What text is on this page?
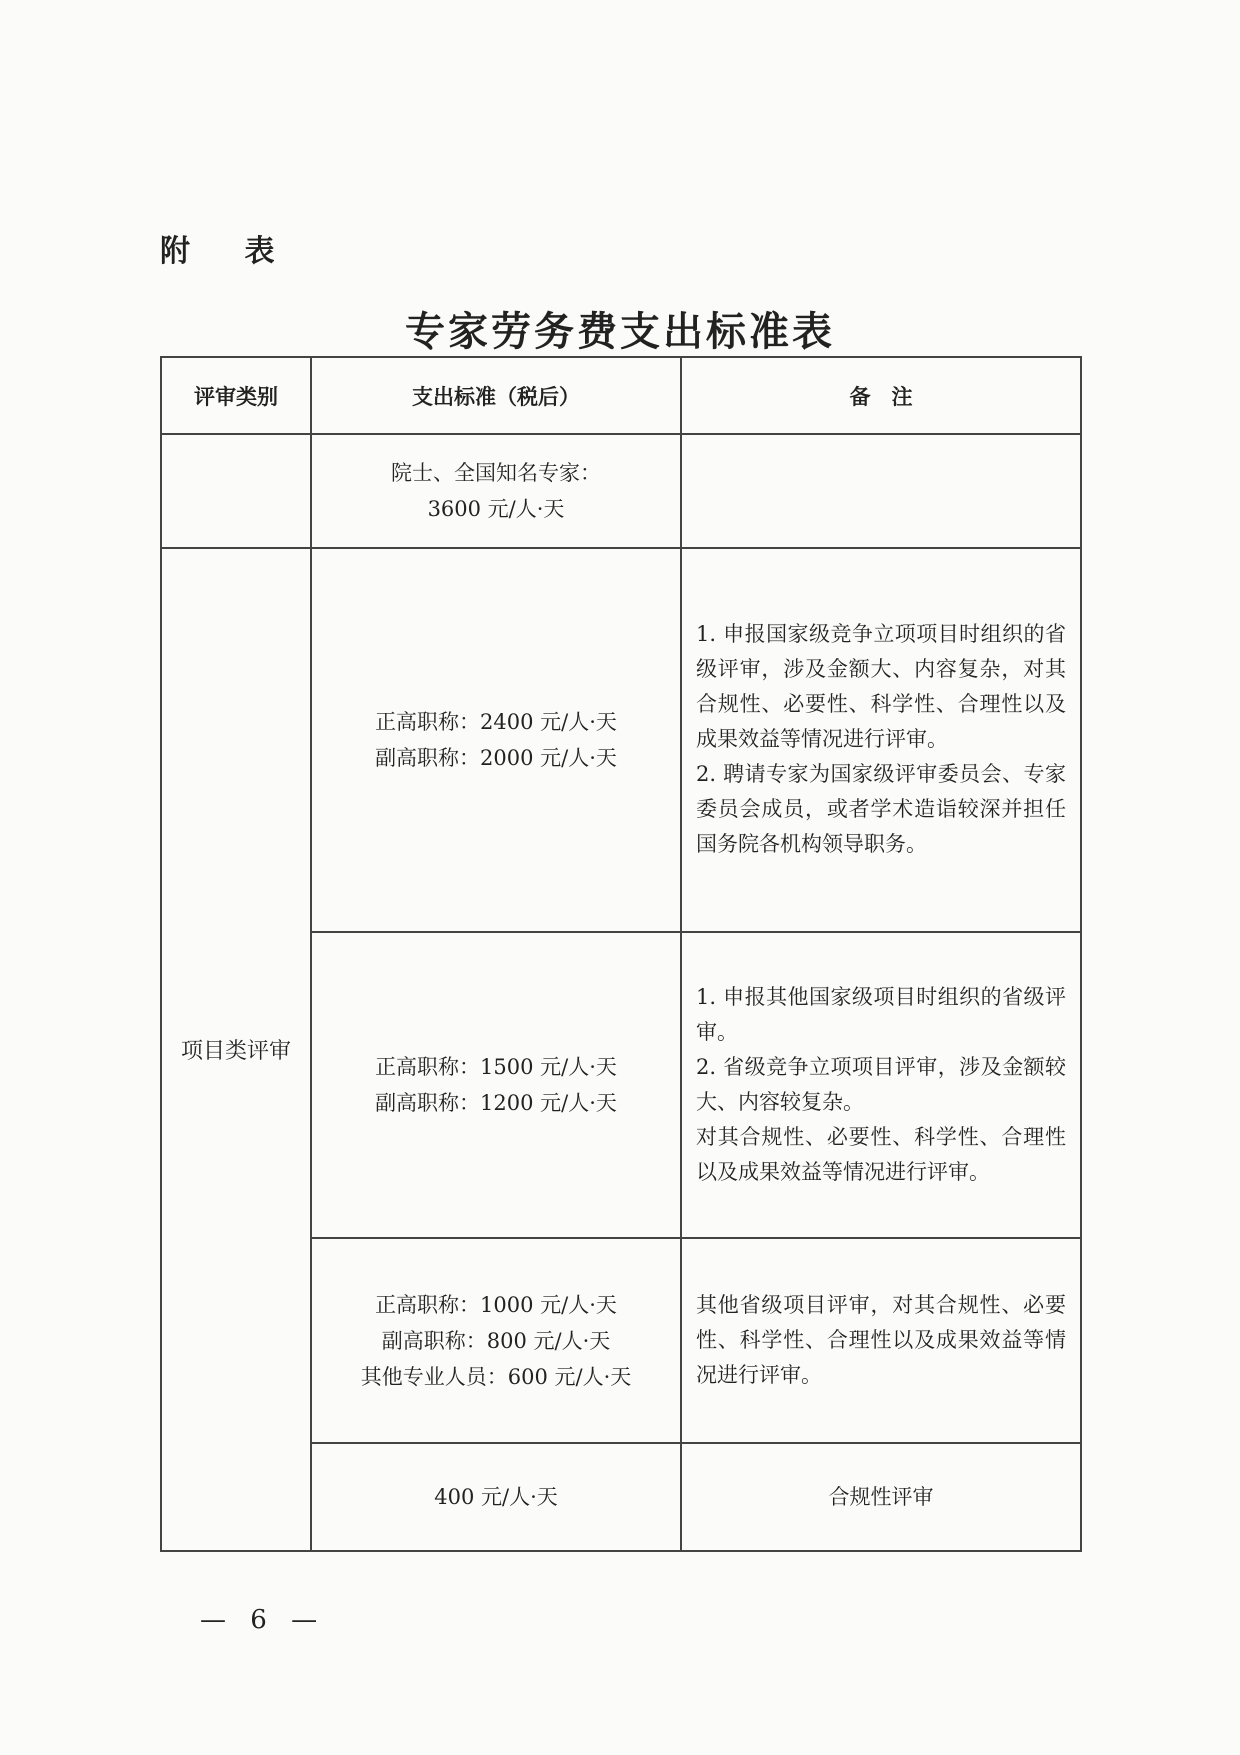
附 表
专家劳务费支出标准表
评审类别	支出标准（税后）	备　注

	院士、全国知名专家：
3600 元/人·天	

项目类评审	正高职称：2400 元/人·天
副高职称：2000 元/人·天	1. 申报国家级竞争立项项目时组织的省级评审，涉及金额大、内容复杂，对其合规性、必要性、科学性、合理性以及成果效益等情况进行评审。
2. 聘请专家为国家级评审委员会、专家委员会成员，或者学术造诣较深并担任国务院各机构领导职务。

	正高职称：1500 元/人·天
副高职称：1200 元/人·天	1. 申报其他国家级项目时组织的省级评审。
2. 省级竞争立项项目评审，涉及金额较大、内容较复杂。
对其合规性、必要性、科学性、合理性以及成果效益等情况进行评审。

	正高职称：1000 元/人·天
副高职称：800 元/人·天
其他专业人员：600 元/人·天	其他省级项目评审，对其合规性、必要性、科学性、合理性以及成果效益等情况进行评审。

	400 元/人·天	合规性评审
— 6 —
